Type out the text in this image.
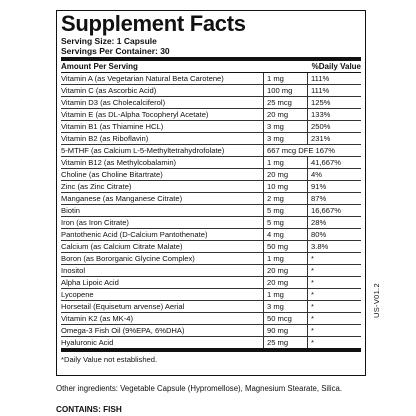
Supplement Facts
Serving Size: 1 Capsule
Servings Per Container: 30
Amount Per Serving	%Daily Value
Vitamin A (as Vegetarian Natural Beta Carotene)	1 mg	111%
Vitamin C (as Ascorbic Acid)	100 mg 111%
Vitamin D3 (as Cholecalciferol)	25 mcg	125%
Vitamin E (as DL-Alpha Tocopheryl Acetate)	20 mg	133%
Vitamin B1 (as Thiamine HCL)	3 mg	250%
Vitamin B2 (as Riboflavin)	3 mg	231%
5-MTHF (as Calcium L-5-Methyltetrahydrofolate)	667 mcg DFE 167%
Vitamin B12 (as Methylcobalamin)	1 mg	41,667%
Choline (as Choline Bitartrate)	20 mg	4%
Zinc (as Zinc Citrate)	10 mg	91%
Manganese (as Manganese Citrate)	2 mg	87%
Biotin	5 mg	16,667%
Iron (as Iron Citrate)	5 mg	28%
Pantothenic Acid (D-Calcium Pantothenate)	4 mg	80%
Calcium (as Calcium Citrate Malate)	50 mg	3.8%
Boron (as Bororganic Glycine Complex)	1 mg	*
Inositol	20 mg	*
Alpha Lipoic Acid	20 mg	*
Lycopene	1 mg	*
Horsetail (Equisetum arvense) Aerial	3 mg	*
Vitamin K2 (as MK-4)	50 mcg	*
Omega-3 Fish Oil (9%EPA, 6%DHA)	90 mg	*
Hyaluronic Acid	25 mg	*
*Daily Value not established.
Other ingredients: Vegetable Capsule (Hypromellose), Magnesium Stearate, Silica.
CONTAINS: FISH
US-V01.2
